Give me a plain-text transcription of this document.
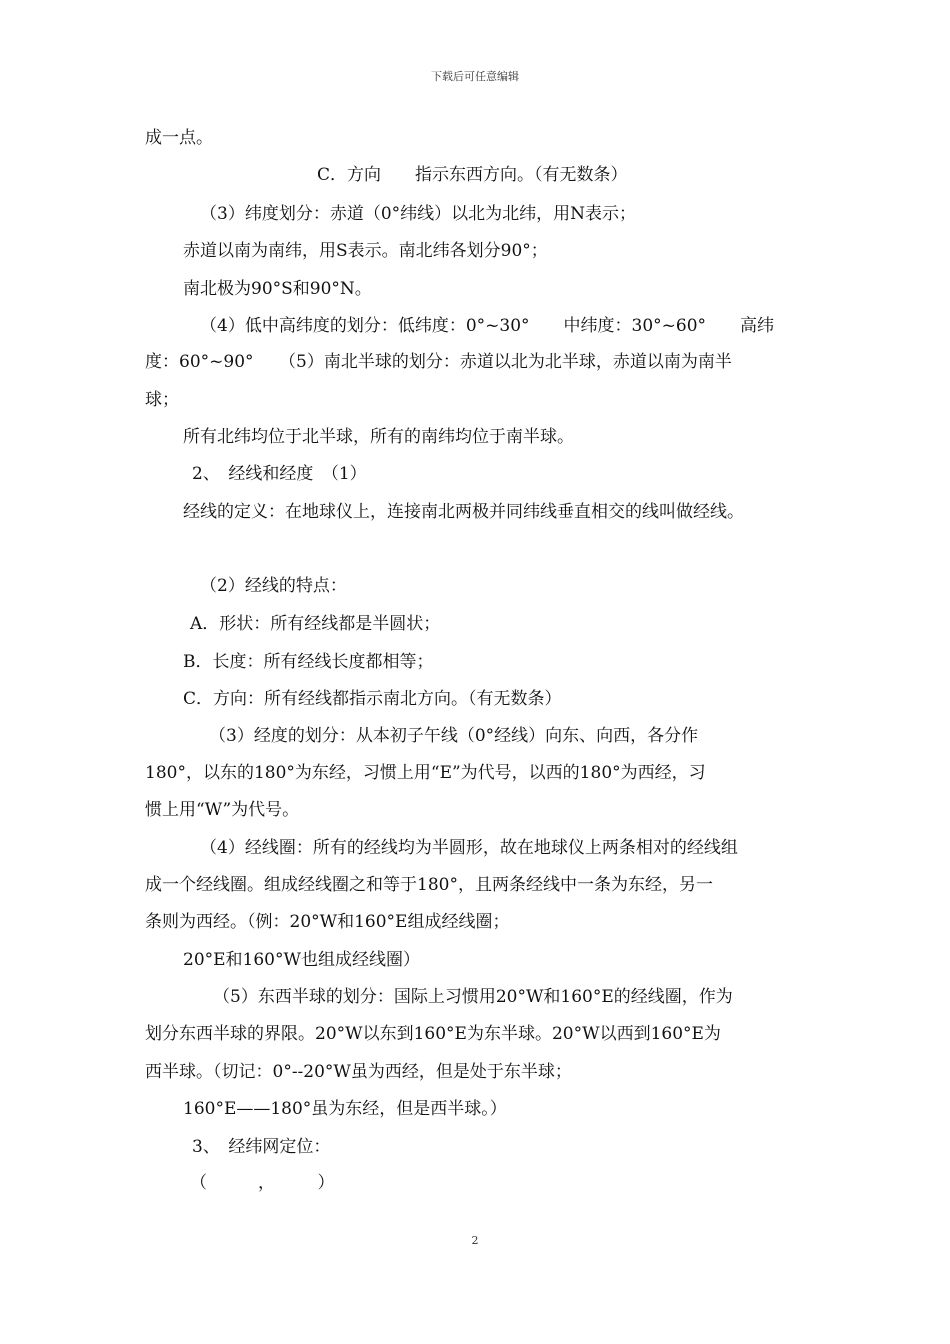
下载后可任意编辑
成一点。
C．方向　　指示东西方向。（有无数条）
（3）纬度划分：赤道（0°纬线）以北为北纬，用N表示；
赤道以南为南纬，用S表示。南北纬各划分90°；
南北极为90°S和90°N。
（4）低中高纬度的划分：低纬度：0°~30°　　中纬度：30°~60°　　高纬
度：60°~90°　　（5）南北半球的划分：赤道以北为北半球，赤道以南为南半
球；
所有北纬均位于北半球，所有的南纬均位于南半球。
2、　经线和经度　（1）
经线的定义：在地球仪上，连接南北两极并同纬线垂直相交的线叫做经线。
（2）经线的特点：
A．形状：所有经线都是半圆状；
B．长度：所有经线长度都相等；
C．方向：所有经线都指示南北方向。（有无数条）
（3）经度的划分：从本初子午线（0°经线）向东、向西，各分作
180°，以东的180°为东经，习惯上用“E”为代号，以西的180°为西经，习
惯上用“W”为代号。
（4）经线圈：所有的经线均为半圆形，故在地球仪上两条相对的经线组
成一个经线圈。组成经线圈之和等于180°，且两条经线中一条为东经，另一
条则为西经。（例：20°W和160°E组成经线圈；
20°E和160°W也组成经线圈）
（5）东西半球的划分：国际上习惯用20°W和160°E的经线圈，作为
划分东西半球的界限。20°W以东到160°E为东半球。20°W以西到160°E为
西半球。（切记：0°--20°W虽为西经，但是处于东半球；
160°E——180°虽为东经，但是西半球。）
3、　经纬网定位：
（　　　，　　　）
2
